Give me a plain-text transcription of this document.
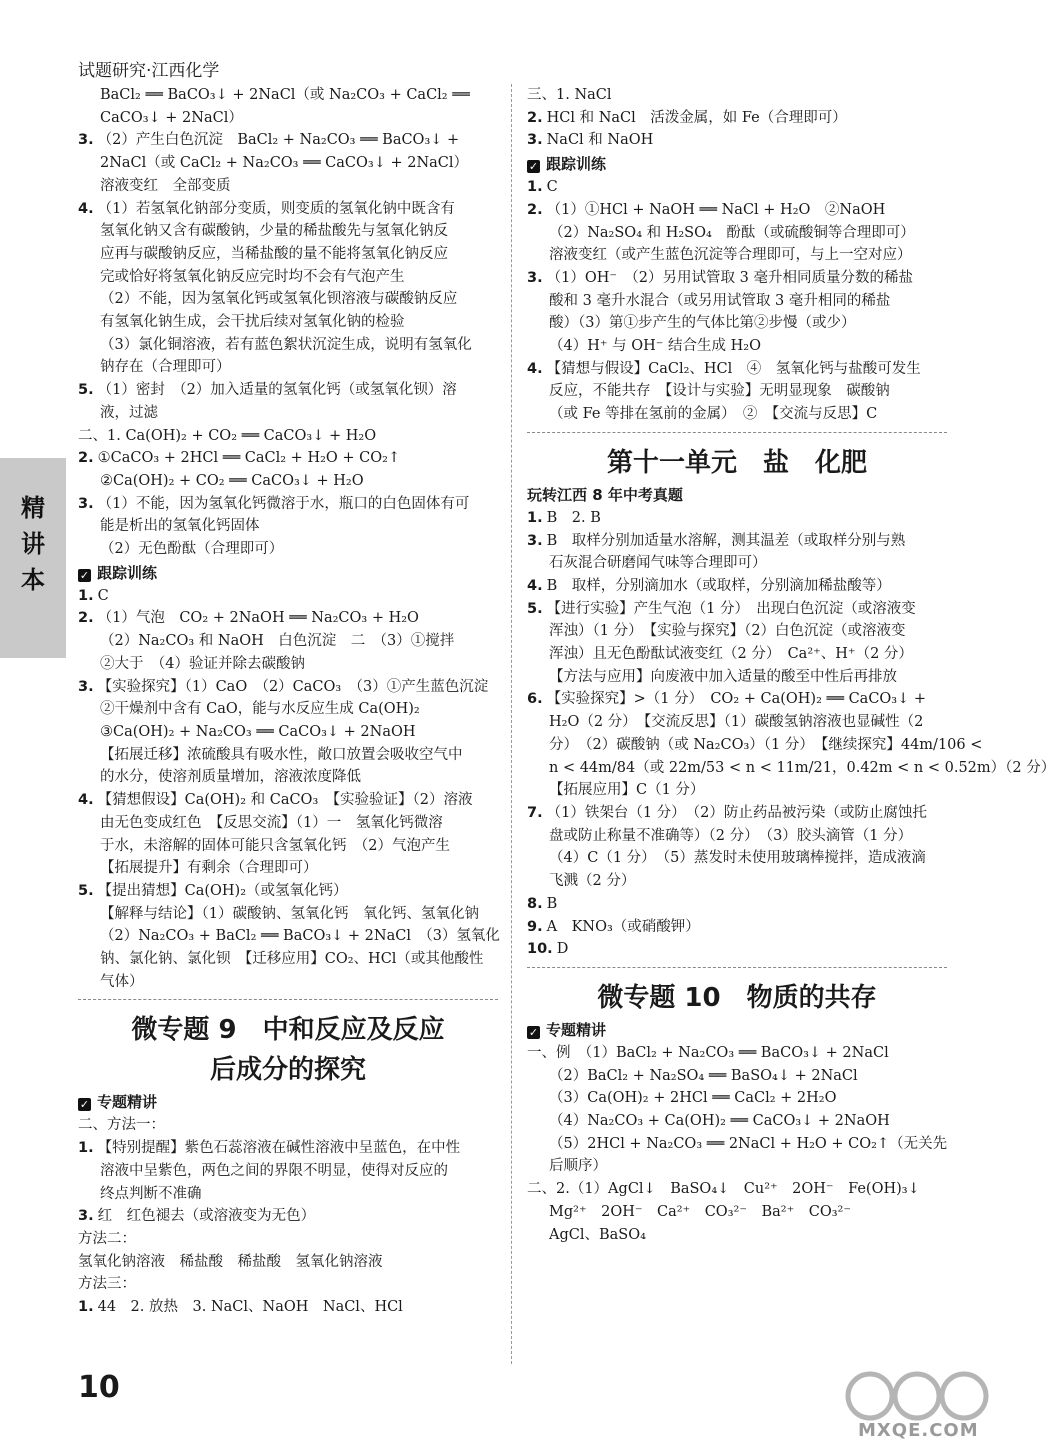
试题研究·江西化学
精讲本
BaCl₂ ══ BaCO₃↓ + 2NaCl（或 Na₂CO₃ + CaCl₂ ══
CaCO₃↓ + 2NaCl）
3. （2）产生白色沉淀　BaCl₂ + Na₂CO₃ ══ BaCO₃↓ +
2NaCl（或 CaCl₂ + Na₂CO₃ ══ CaCO₃↓ + 2NaCl）
溶液变红　全部变质
4. （1）若氢氧化钠部分变质，则变质的氢氧化钠中既含有
氢氧化钠又含有碳酸钠，少量的稀盐酸先与氢氧化钠反
应再与碳酸钠反应，当稀盐酸的量不能将氢氧化钠反应
完或恰好将氢氧化钠反应完时均不会有气泡产生
（2）不能，因为氢氧化钙或氢氧化钡溶液与碳酸钠反应
有氢氧化钠生成，会干扰后续对氢氧化钠的检验
（3）氯化铜溶液，若有蓝色絮状沉淀生成，说明有氢氧化
钠存在（合理即可）
5. （1）密封　（2）加入适量的氢氧化钙（或氢氧化钡）溶
液，过滤
二、1. Ca(OH)₂ + CO₂ ══ CaCO₃↓ + H₂O
2. ①CaCO₃ + 2HCl ══ CaCl₂ + H₂O + CO₂↑
②Ca(OH)₂ + CO₂ ══ CaCO₃↓ + H₂O
3. （1）不能，因为氢氧化钙微溶于水，瓶口的白色固体有可
能是析出的氢氧化钙固体
（2）无色酚酞（合理即可）
✓ 跟踪训练
1. C
2. （1）气泡　CO₂ + 2NaOH ══ Na₂CO₃ + H₂O
（2）Na₂CO₃ 和 NaOH　白色沉淀　二　（3）①搅拌
②大于　（4）验证并除去碳酸钠
3. 【实验探究】（1）CaO　（2）CaCO₃　（3）①产生蓝色沉淀
②干燥剂中含有 CaO，能与水反应生成 Ca(OH)₂
③Ca(OH)₂ + Na₂CO₃ ══ CaCO₃↓ + 2NaOH
【拓展迁移】浓硫酸具有吸水性，敞口放置会吸收空气中
的水分，使溶剂质量增加，溶液浓度降低
4. 【猜想假设】Ca(OH)₂ 和 CaCO₃　【实验验证】（2）溶液
由无色变成红色　【反思交流】（1）一　氢氧化钙微溶
于水，未溶解的固体可能只含氢氧化钙　（2）气泡产生
【拓展提升】有剩余（合理即可）
5. 【提出猜想】Ca(OH)₂（或氢氧化钙）
【解释与结论】（1）碳酸钠、氢氧化钙　氧化钙、氢氧化钠
（2）Na₂CO₃ + BaCl₂ ══ BaCO₃↓ + 2NaCl　（3）氢氧化
钠、氯化钠、氯化钡　【迁移应用】CO₂、HCl（或其他酸性
气体）
微专题 9　中和反应及反应
后成分的探究
✓ 专题精讲
二、方法一：
1. 【特别提醒】紫色石蕊溶液在碱性溶液中呈蓝色，在中性
溶液中呈紫色，两色之间的界限不明显，使得对反应的
终点判断不准确
3. 红　红色褪去（或溶液变为无色）
方法二：
氢氧化钠溶液　稀盐酸　稀盐酸　氢氧化钠溶液
方法三：
1. 44　2. 放热　3. NaCl、NaOH　NaCl、HCl
三、1. NaCl
2. HCl 和 NaCl　活泼金属，如 Fe（合理即可）
3. NaCl 和 NaOH
✓ 跟踪训练
1. C
2. （1）①HCl + NaOH ══ NaCl + H₂O　②NaOH
（2）Na₂SO₄ 和 H₂SO₄　酚酞（或硫酸铜等合理即可）
溶液变红（或产生蓝色沉淀等合理即可，与上一空对应）
3. （1）OH⁻　（2）另用试管取 3 毫升相同质量分数的稀盐
酸和 3 毫升水混合（或另用试管取 3 毫升相同的稀盐
酸）（3）第①步产生的气体比第②步慢（或少）
（4）H⁺ 与 OH⁻ 结合生成 H₂O
4. 【猜想与假设】CaCl₂、HCl　④　氢氧化钙与盐酸可发生
反应，不能共存　【设计与实验】无明显现象　碳酸钠
（或 Fe 等排在氢前的金属）　②　【交流与反思】C
第十一单元　盐　化肥
玩转江西 8 年中考真题
1. B　2. B
3. B　取样分别加适量水溶解，测其温差（或取样分别与熟
石灰混合研磨闻气味等合理即可）
4. B　取样，分别滴加水（或取样，分别滴加稀盐酸等）
5. 【进行实验】产生气泡（1 分）　出现白色沉淀（或溶液变
浑浊）（1 分）　【实验与探究】（2）白色沉淀（或溶液变
浑浊）且无色酚酞试液变红（2 分）　Ca²⁺、H⁺（2 分）
【方法与应用】向废液中加入适量的酸至中性后再排放
6. 【实验探究】>（1 分）　CO₂ + Ca(OH)₂ ══ CaCO₃↓ +
H₂O（2 分）　【交流反思】（1）碳酸氢钠溶液也显碱性（2
分）　（2）碳酸钠（或 Na₂CO₃）（1 分）　【继续探究】44m/106 <
n < 44m/84（或 22m/53 < n < 11m/21，0.42m < n < 0.52m）（2 分）
【拓展应用】C（1 分）
7. （1）铁架台（1 分）　（2）防止药品被污染（或防止腐蚀托
盘或防止称量不准确等）（2 分）　（3）胶头滴管（1 分）
（4）C（1 分）　（5）蒸发时未使用玻璃棒搅拌，造成液滴
飞溅（2 分）
8. B
9. A　KNO₃（或硝酸钾）
10. D
微专题 10　物质的共存
✓ 专题精讲
一、例　（1）BaCl₂ + Na₂CO₃ ══ BaCO₃↓ + 2NaCl
（2）BaCl₂ + Na₂SO₄ ══ BaSO₄↓ + 2NaCl
（3）Ca(OH)₂ + 2HCl ══ CaCl₂ + 2H₂O
（4）Na₂CO₃ + Ca(OH)₂ ══ CaCO₃↓ + 2NaOH
（5）2HCl + Na₂CO₃ ══ 2NaCl + H₂O + CO₂↑（无关先
后顺序）
二、2.（1）AgCl↓　BaSO₄↓　Cu²⁺　2OH⁻　Fe(OH)₃↓
Mg²⁺　2OH⁻　Ca²⁺　CO₃²⁻　Ba²⁺　CO₃²⁻
AgCl、BaSO₄
10
MXQE.COM
